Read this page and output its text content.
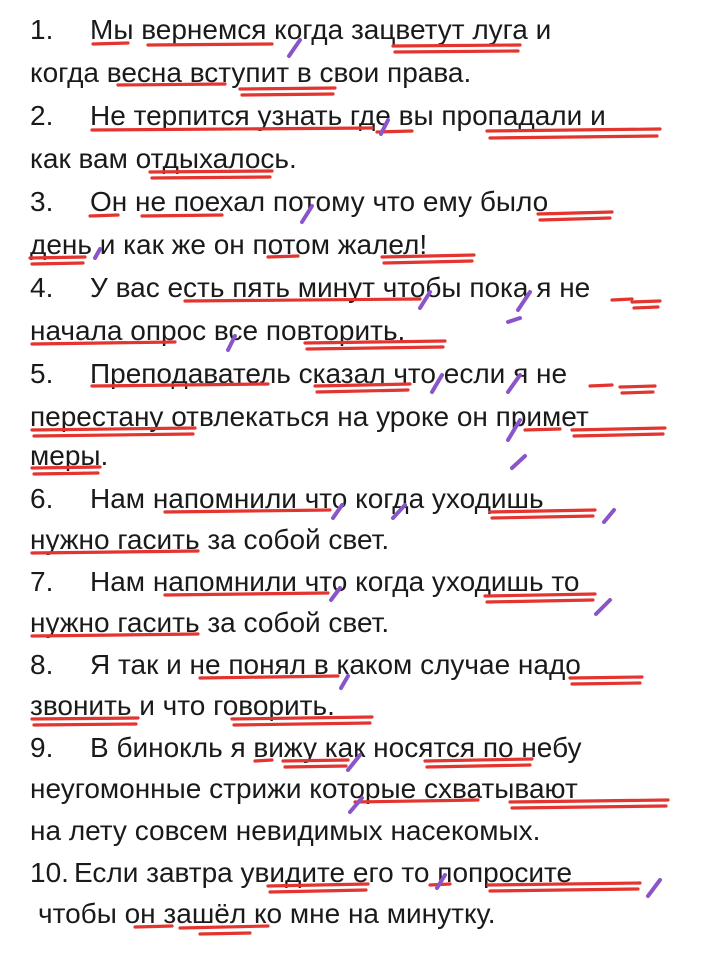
1. Мы вернемся когда зацветут луга и
когда весна вступит в свои права.
2. Не терпится узнать где вы пропадали и
как вам отдыхалось.
3. Он не поехал потому что ему было
день и как же он потом жалел!
4. У вас есть пять минут чтобы пока я не
начала опрос все повторить.
5. Преподаватель сказал что если я не
перестану отвлекаться на уроке он примет
меры.
6. Нам напомнили что когда уходишь
нужно гасить за собой свет.
7. Нам напомнили что когда уходишь то
нужно гасить за собой свет.
8. Я так и не понял в каком случае надо
звонить и что говорить.
9. В бинокль я вижу как носятся по небу
неугомонные стрижи которые схватывают
на лету совсем невидимых насекомых.
10. Если завтра увидите его то попросите
чтобы он зашёл ко мне на минутку.
